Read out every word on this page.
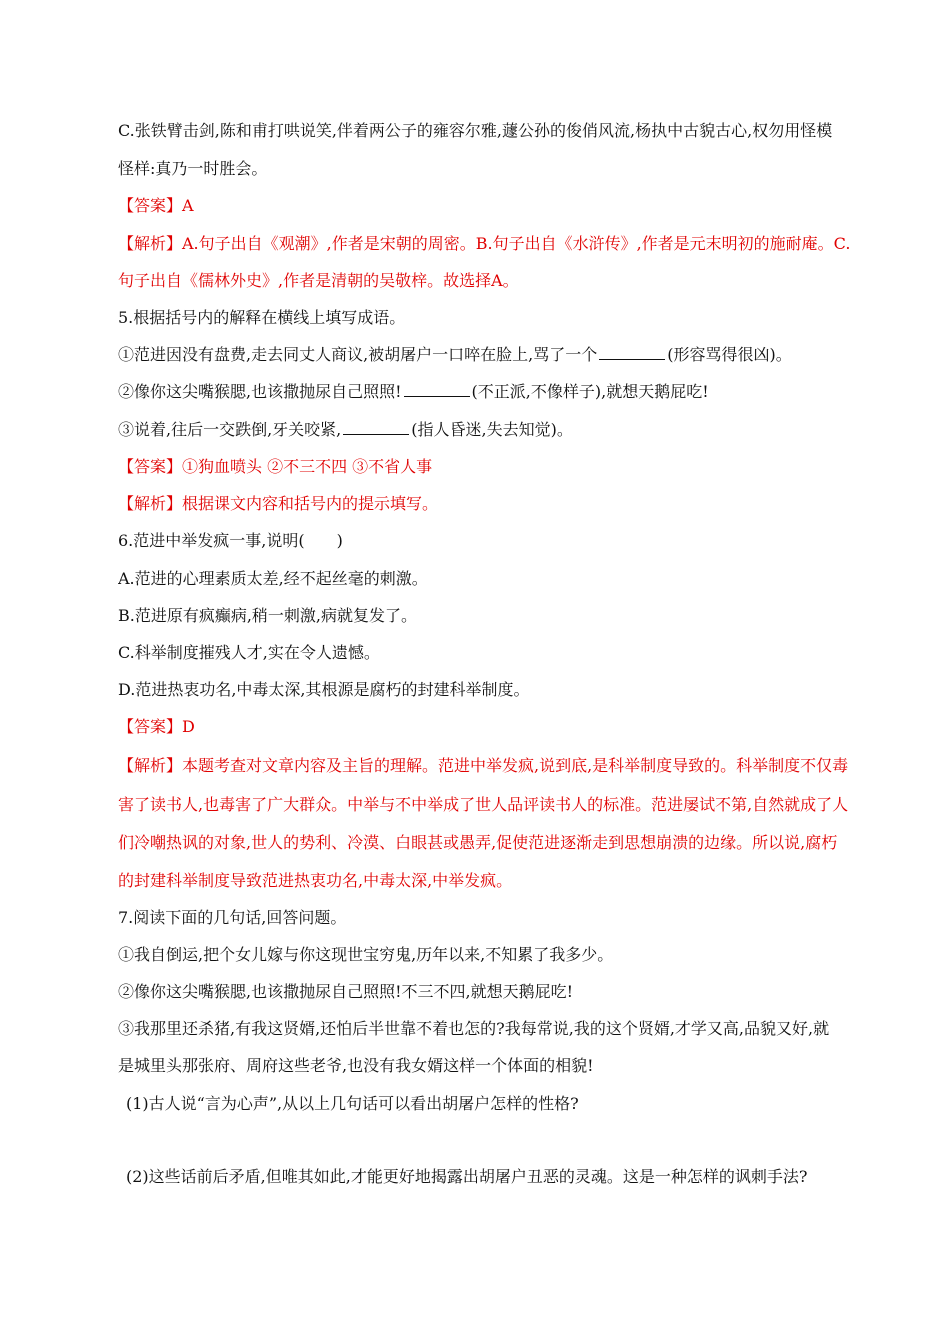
C.张铁臂击剑,陈和甫打哄说笑,伴着两公子的雍容尔雅,蘧公孙的俊俏风流,杨执中古貌古心,权勿用怪模
怪样:真乃一时胜会。
【答案】A
【解析】A.句子出自《观潮》,作者是宋朝的周密。B.句子出自《水浒传》,作者是元末明初的施耐庵。C.
句子出自《儒林外史》,作者是清朝的吴敬梓。故选择A。
5.根据括号内的解释在横线上填写成语。
①范进因没有盘费,走去同丈人商议,被胡屠户一口啐在脸上,骂了一个	(形容骂得很凶)。
②像你这尖嘴猴腮,也该撒抛尿自己照照!	(不正派,不像样子),就想天鹅屁吃!
③说着,往后一交跌倒,牙关咬紧,	(指人昏迷,失去知觉)。
【答案】①狗血喷头 ②不三不四 ③不省人事
【解析】根据课文内容和括号内的提示填写。
6.范进中举发疯一事,说明(　　)
A.范进的心理素质太差,经不起丝毫的刺激。
B.范进原有疯癫病,稍一刺激,病就复发了。
C.科举制度摧残人才,实在令人遗憾。
D.范进热衷功名,中毒太深,其根源是腐朽的封建科举制度。
【答案】D
【解析】本题考查对文章内容及主旨的理解。范进中举发疯,说到底,是科举制度导致的。科举制度不仅毒
害了读书人,也毒害了广大群众。中举与不中举成了世人品评读书人的标准。范进屡试不第,自然就成了人
们冷嘲热讽的对象,世人的势利、冷漠、白眼甚或愚弄,促使范进逐渐走到思想崩溃的边缘。所以说,腐朽
的封建科举制度导致范进热衷功名,中毒太深,中举发疯。
7.阅读下面的几句话,回答问题。
①我自倒运,把个女儿嫁与你这现世宝穷鬼,历年以来,不知累了我多少。
②像你这尖嘴猴腮,也该撒抛尿自己照照!不三不四,就想天鹅屁吃!
③我那里还杀猪,有我这贤婿,还怕后半世靠不着也怎的?我每常说,我的这个贤婿,才学又高,品貌又好,就
是城里头那张府、周府这些老爷,也没有我女婿这样一个体面的相貌!
(1)古人说“言为心声”,从以上几句话可以看出胡屠户怎样的性格?
(2)这些话前后矛盾,但唯其如此,才能更好地揭露出胡屠户丑恶的灵魂。这是一种怎样的讽刺手法?
